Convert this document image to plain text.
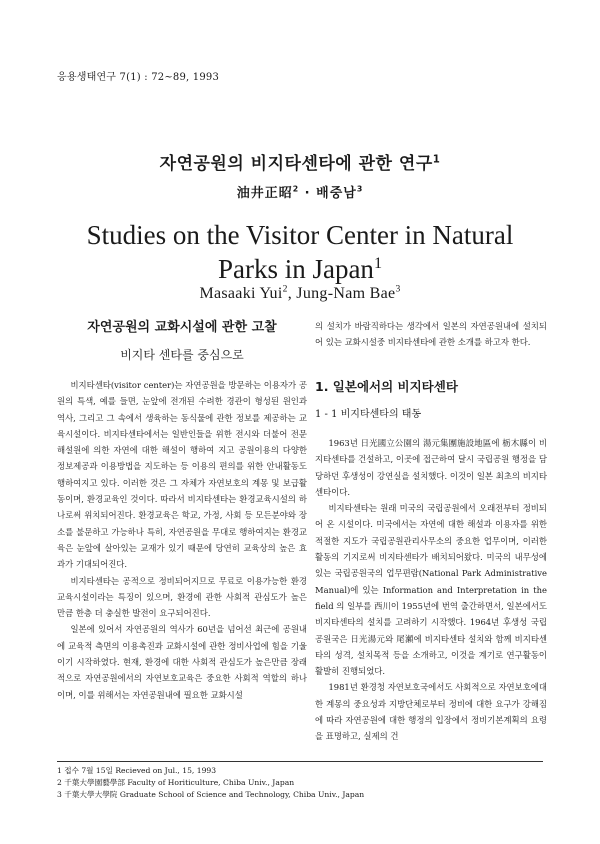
응용생태연구 7(1) : 72~89, 1993
자연공원의 비지타센타에 관한 연구$^1$
油井正昭$^2$ · 배중남$^3$
Studies on the Visitor Center in Natural
Parks in Japan$^1$
Masaaki Yui$^2$, Jung-Nam Bae$^3$
자연공원의 교화시설에 관한 고찰
비지타 센타를 중심으로

비지타센타(visitor center)는 자연공원을 방문하는 이용자가 공원의 특색, 예를 들면, 눈앞에 전개된 수려한 경관이 형성된 원인과 역사, 그리고 그 속에서 생육하는 동식물에 관한 정보를 제공하는 교육시설이다. 비지타센타에서는 일반인들을 위한 전시와 더불어 전문해설원에 의한 자연에 대한 해설이 행하여 지고 공원이용의 다양한 정보제공과 이용방법을 지도하는 등 이용의 편의를 위한 안내활동도 행하여지고 있다. 이러한 것은 그 자체가 자연보호의 계몽 및 보급활동이며, 환경교육인 것이다. 따라서 비지타센타는 환경교육시설의 하나로써 위치되어진다. 환경교육은 학교, 가정, 사회 등 모든분야와 장소를 불문하고 가능하나 특히, 자연공원을 무대로 행하여지는 환경교육은 눈앞에 살아있는 교재가 있기 때문에 당연히 교육상의 높은 효과가 기대되어진다.

비지타센타는 공적으로 정비되어지므로 무료로 이용가능한 환경교육시설이라는 특징이 있으며, 환경에 관한 사회적 관심도가 높은 만큼 한층 더 충실한 발전이 요구되어진다.

일본에 있어서 자연공원의 역사가 60년을 넘어선 최근에 공원내에 교육적 측면의 이용촉진과 교화시설에 관한 정비사업에 힘을 기울이기 시작하였다. 현재, 환경에 대한 사회적 관심도가 높은만큼 장래적으로 자연공원에서의 자연보호교육은 중요한 사회적 역할의 하나이며, 이를 위해서는 자연공원내에 필요한 교화시설

의 설치가 바람직하다는 생각에서 일본의 자연공원내에 설치되어 있는 교화시설중 비지타센타에 관한 소개를 하고자 한다.

1. 일본에서의 비지타센타
1 - 1 비지타센타의 태동

1963년 日光國立公園의 湯元集團施設地區에 栃木縣이 비지타센타를 건설하고, 이곳에 접근하여 달시 국립공원 행정을 담당하던 후생성이 강연실을 설치했다. 이것이 일본 최초의 비지타센타이다.

비지타센타는 원래 미국의 국립공원에서 오래전부터 정비되어 온 시설이다. 미국에서는 자연에 대한 해설과 이용자를 위한 적절한 지도가 국립공원관리사무소의 중요한 업무이며, 이러한 활동의 기지로써 비지타센타가 배치되어왔다. 미국의 내무성에 있는 국립공원국의 업무편람(National Park Administrative Manual)에 있는 Information and Interpretation in the field 의 일부를 西川이 1955년에 번역 출간하면서, 일본에서도 비지타센타의 설치를 고려하기 시작했다. 1964년 후생성 국립공원국은 日光湯元와 尾瀬에 비지타센타 설치와 함께 비지타센타의 성격, 설치목적 등을 소개하고, 이것을 계기로 연구활동이 활발히 진행되었다.

1981년 환경청 자연보호국에서도 사회적으로 자연보호에대한 계몽의 중요성과 지방단체로부터 정비에 대한 요구가 강해짐에 따라 자연공원에 대한 행정의 입장에서 정비기본계획의 요령을 표명하고, 실제의 건

1 접수 7월 15일 Recieved on Jul., 15, 1993
2 千葉大學園藝學部 Faculty of Horiticulture, Chiba Univ., Japan
3 千葉大學大學院 Graduate School of Science and Technology, Chiba Univ., Japan
